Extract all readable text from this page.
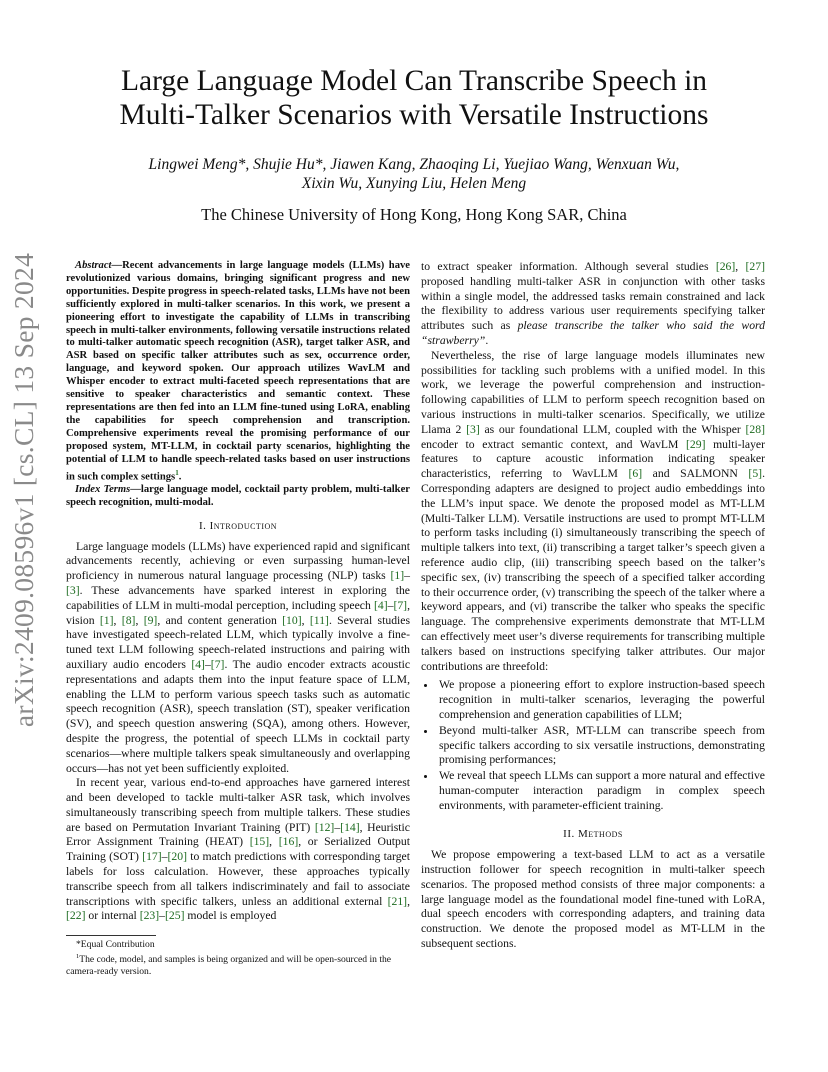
arXiv:2409.08596v1 [cs.CL] 13 Sep 2024
Large Language Model Can Transcribe Speech in Multi-Talker Scenarios with Versatile Instructions
Lingwei Meng*, Shujie Hu*, Jiawen Kang, Zhaoqing Li, Yuejiao Wang, Wenxuan Wu,
Xixin Wu, Xunying Liu, Helen Meng
The Chinese University of Hong Kong, Hong Kong SAR, China

Abstract—Recent advancements in large language models (LLMs) have revolutionized various domains, bringing significant progress and new opportunities. Despite progress in speech-related tasks, LLMs have not been sufficiently explored in multi-talker scenarios. In this work, we present a pioneering effort to investigate the capability of LLMs in transcribing speech in multi-talker environments, following versatile instructions related to multi-talker automatic speech recognition (ASR), target talker ASR, and ASR based on specific talker attributes such as sex, occurrence order, language, and keyword spoken. Our approach utilizes WavLM and Whisper encoder to extract multi-faceted speech representations that are sensitive to speaker characteristics and semantic context. These representations are then fed into an LLM fine-tuned using LoRA, enabling the capabilities for speech comprehension and transcription. Comprehensive experiments reveal the promising performance of our proposed system, MT-LLM, in cocktail party scenarios, highlighting the potential of LLM to handle speech-related tasks based on user instructions in such complex settings$^1$.

Index Terms—large language model, cocktail party problem, multi-talker speech recognition, multi-modal.

I. Introduction

Large language models (LLMs) have experienced rapid and significant advancements recently, achieving or even surpassing human-level proficiency in numerous natural language processing (NLP) tasks [1]–[3]. These advancements have sparked interest in exploring the capabilities of LLM in multi-modal perception, including speech [4]–[7], vision [1], [8], [9], and content generation [10], [11]. Several studies have investigated speech-related LLM, which typically involve a fine-tuned text LLM following speech-related instructions and pairing with auxiliary audio encoders [4]–[7]. The audio encoder extracts acoustic representations and adapts them into the input feature space of LLM, enabling the LLM to perform various speech tasks such as automatic speech recognition (ASR), speech translation (ST), speaker verification (SV), and speech question answering (SQA), among others. However, despite the progress, the potential of speech LLMs in cocktail party scenarios—where multiple talkers speak simultaneously and overlapping occurs—has not yet been sufficiently exploited.

In recent year, various end-to-end approaches have garnered interest and been developed to tackle multi-talker ASR task, which involves simultaneously transcribing speech from multiple talkers. These studies are based on Permutation Invariant Training (PIT) [12]–[14], Heuristic Error Assignment Training (HEAT) [15], [16], or Serialized Output Training (SOT) [17]–[20] to match predictions with corresponding target labels for loss calculation. However, these approaches typically transcribe speech from all talkers indiscriminately and fail to associate transcriptions with specific talkers, unless an additional external [21], [22] or internal [23]–[25] model is employed

*Equal Contribution
$^1$The code, model, and samples is being organized and will be open-sourced in the camera-ready version.

to extract speaker information. Although several studies [26], [27] proposed handling multi-talker ASR in conjunction with other tasks within a single model, the addressed tasks remain constrained and lack the flexibility to address various user requirements specifying talker attributes such as please transcribe the talker who said the word “strawberry”.

Nevertheless, the rise of large language models illuminates new possibilities for tackling such problems with a unified model. In this work, we leverage the powerful comprehension and instruction-following capabilities of LLM to perform speech recognition based on various instructions in multi-talker scenarios. Specifically, we utilize Llama 2 [3] as our foundational LLM, coupled with the Whisper [28] encoder to extract semantic context, and WavLM [29] multi-layer features to capture acoustic information indicating speaker characteristics, referring to WavLLM [6] and SALMONN [5]. Corresponding adapters are designed to project audio embeddings into the LLM’s input space. We denote the proposed model as MT-LLM (Multi-Talker LLM). Versatile instructions are used to prompt MT-LLM to perform tasks including (i) simultaneously transcribing the speech of multiple talkers into text, (ii) transcribing a target talker’s speech given a reference audio clip, (iii) transcribing speech based on the talker’s specific sex, (iv) transcribing the speech of a specified talker according to their occurrence order, (v) transcribing the speech of the talker where a keyword appears, and (vi) transcribe the talker who speaks the specific language. The comprehensive experiments demonstrate that MT-LLM can effectively meet user’s diverse requirements for transcribing multiple talkers based on instructions specifying talker attributes. Our major contributions are threefold:

• We propose a pioneering effort to explore instruction-based speech recognition in multi-talker scenarios, leveraging the powerful comprehension and generation capabilities of LLM;
• Beyond multi-talker ASR, MT-LLM can transcribe speech from specific talkers according to six versatile instructions, demonstrating promising performances;
• We reveal that speech LLMs can support a more natural and effective human-computer interaction paradigm in complex speech environments, with parameter-efficient training.
II. Methods

We propose empowering a text-based LLM to act as a versatile instruction follower for speech recognition in multi-talker speech scenarios. The proposed method consists of three major components: a large language model as the foundational model fine-tuned with LoRA, dual speech encoders with corresponding adapters, and training data construction. We denote the proposed model as MT-LLM in the subsequent sections.
